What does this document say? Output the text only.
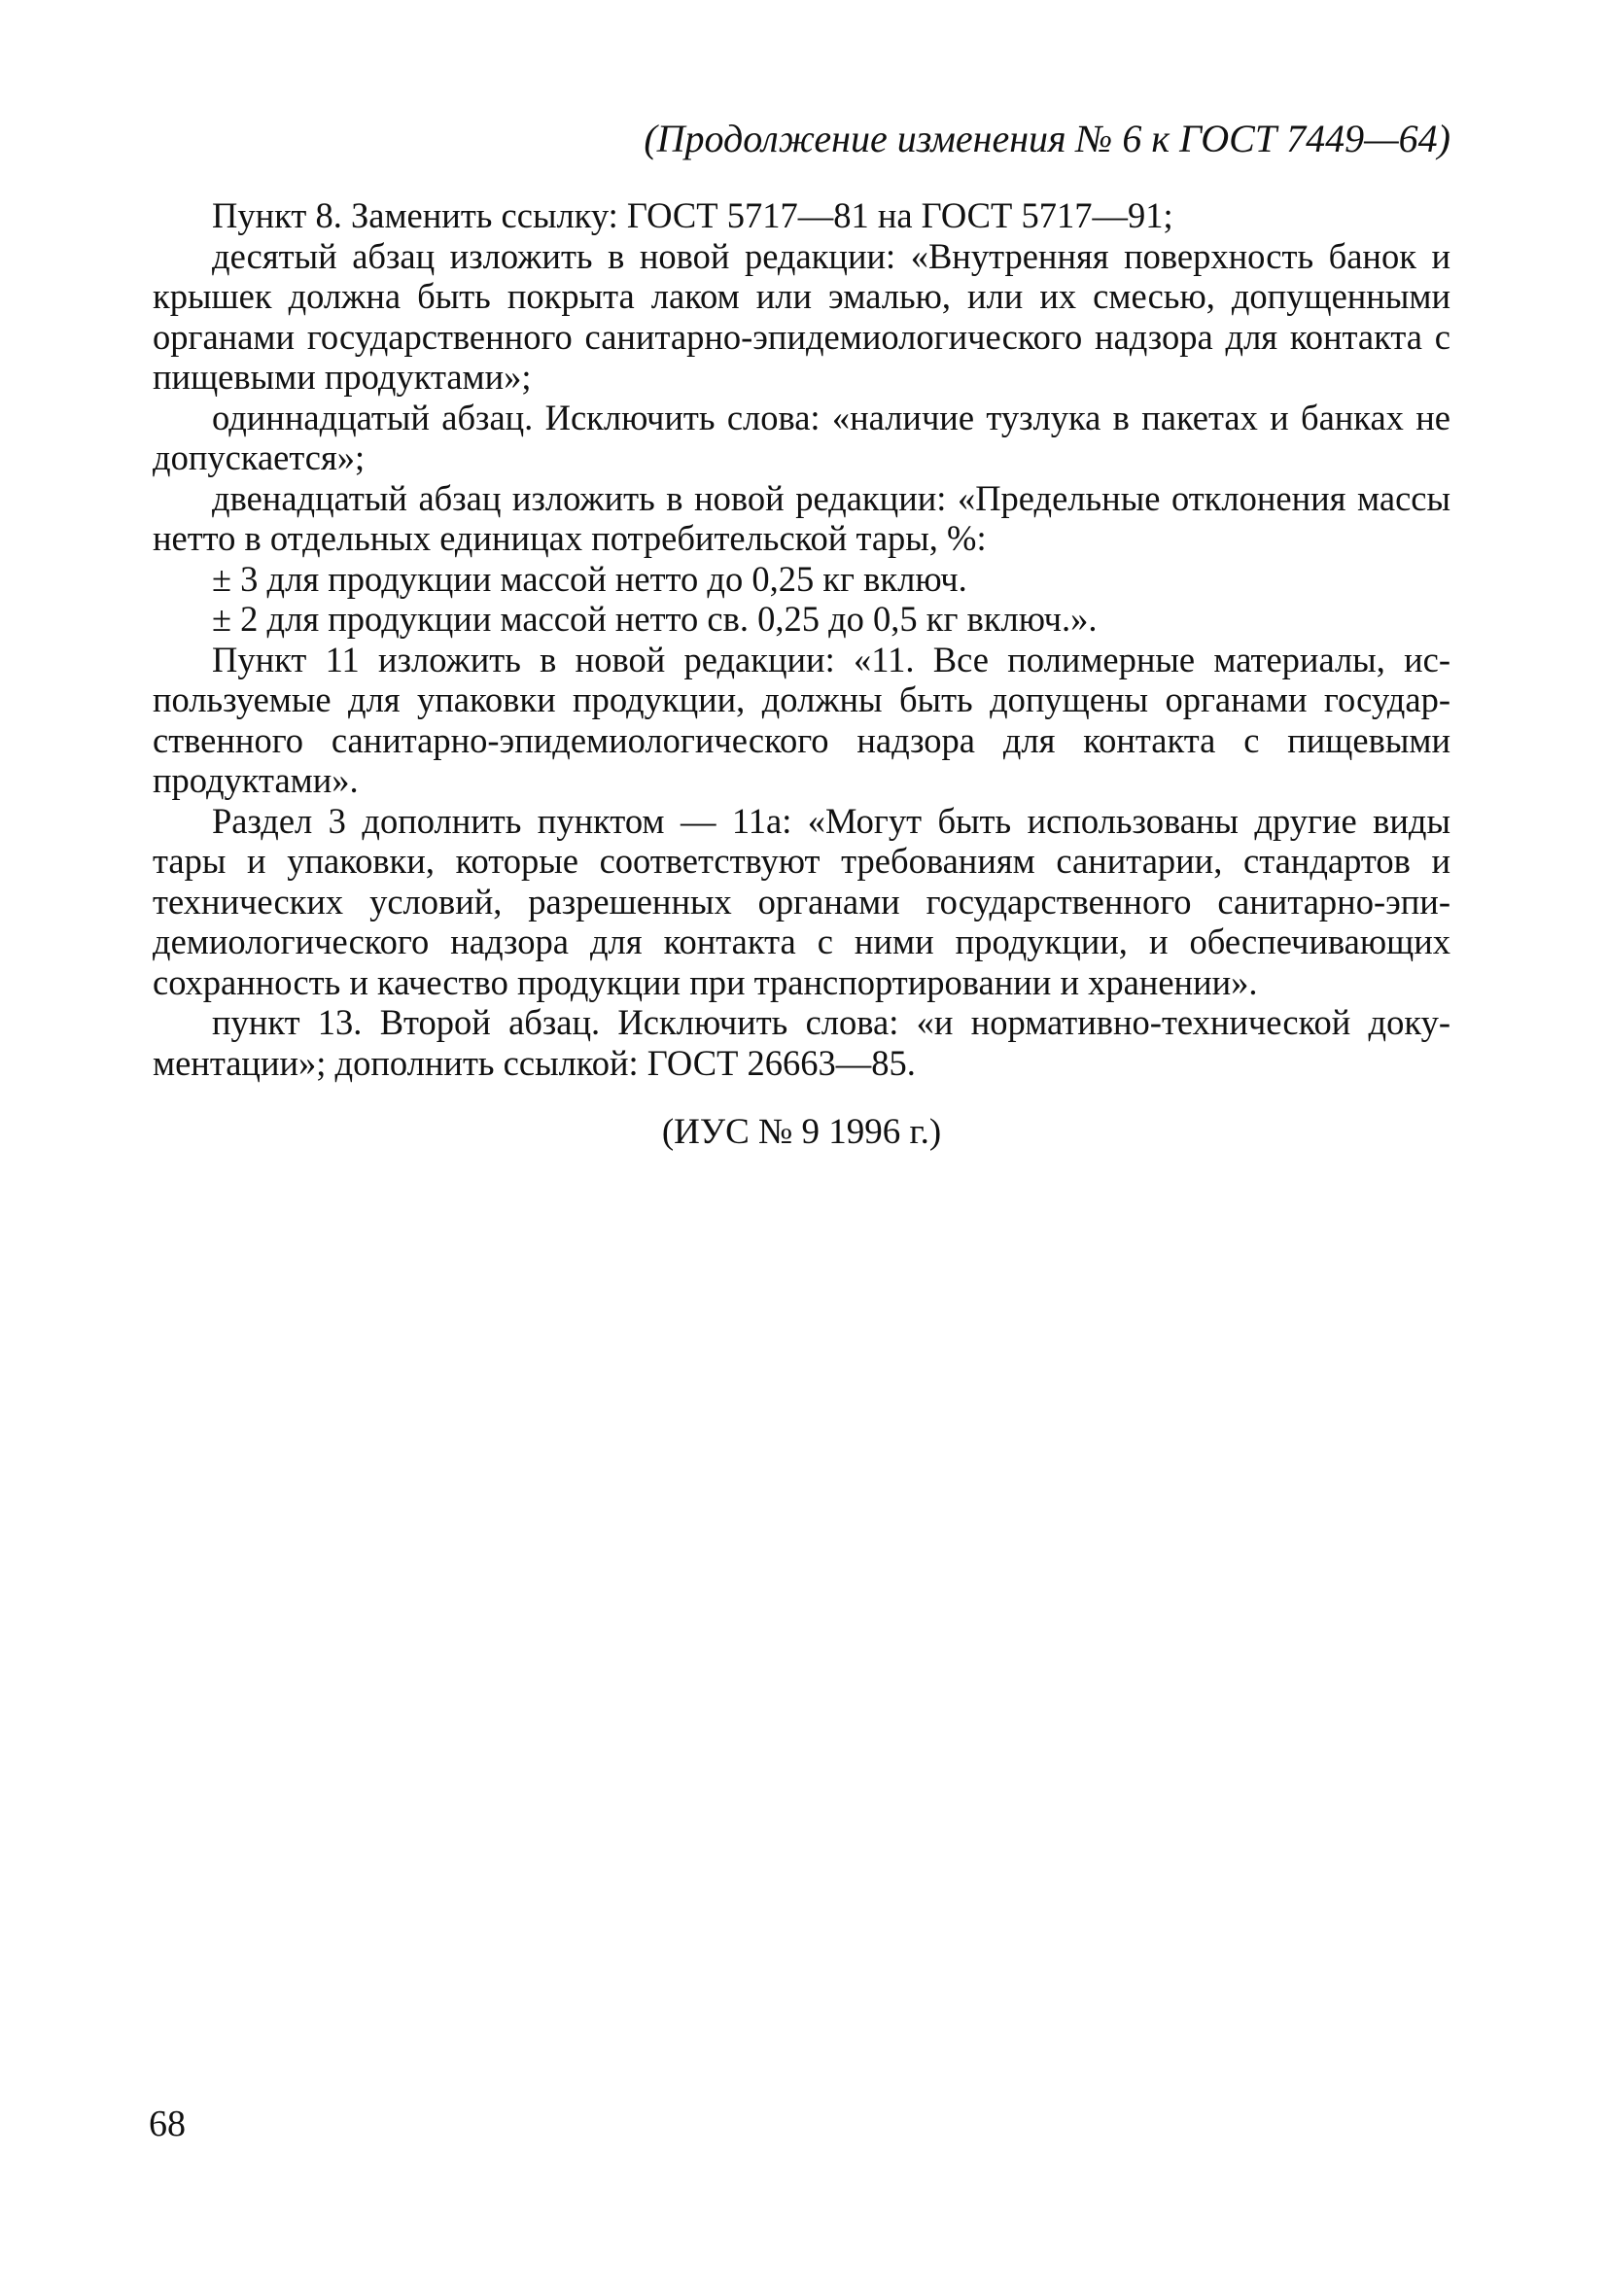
(Продолжение изменения № 6 к ГОСТ 7449—64)

Пункт 8. Заменить ссылку: ГОСТ 5717—81 на ГОСТ 5717—91;

десятый абзац изложить в новой редакции: «Внутренняя поверхность банок и крышек должна быть покрыта лаком или эмалью, или их смесью, допущенными органами государственного санитарно-эпидемиологического надзора для контакта с пищевыми продуктами»;

одиннадцатый абзац. Исключить слова: «наличие тузлука в пакетах и банках не допускается»;

двенадцатый абзац изложить в новой редакции: «Предельные отклонения массы нетто в отдельных единицах потребительской тары, %:

± 3 для продукции массой нетто до 0,25 кг включ.

± 2 для продукции массой нетто св. 0,25 до 0,5 кг включ.».

Пункт 11 изложить в новой редакции: «11. Все полимерные материалы, используемые для упаковки продукции, должны быть допущены органами государственного санитарно-эпидемиологического надзора для контакта с пищевыми продуктами».

Раздел 3 дополнить пунктом — 11а: «Могут быть использованы другие виды тары и упаковки, которые соответствуют требованиям санитарии, стандартов и технических условий, разрешенных органами государственного санитарно-эпидемиологического надзора для контакта с ними продукции, и обеспечивающих сохранность и качество продукции при транспортировании и хранении».

пункт 13. Второй абзац. Исключить слова: «и нормативно-технической документации»; дополнить ссылкой: ГОСТ 26663—85.

(ИУС № 9 1996 г.)
68
